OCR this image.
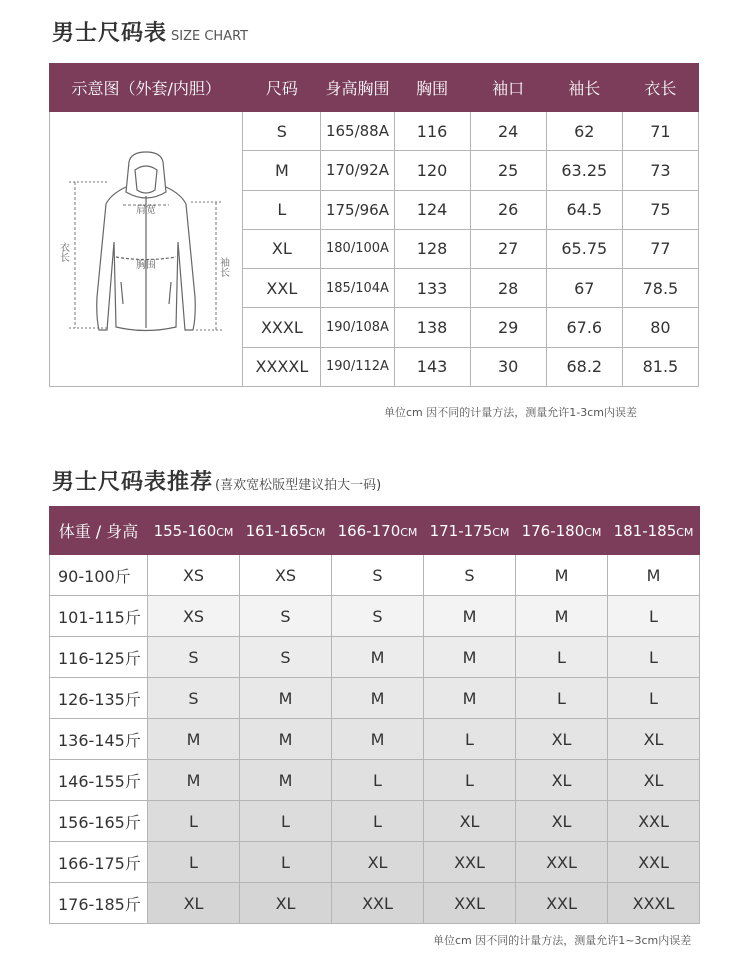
男士尺码表 SIZE CHART
示意图（外套/内胆）	尺码	身高胸围	胸围	袖口	袖长	衣长

肩宽
胸围
衣长
袖长	S	165/88A	116	24	62	71
	M	170/92A	120	25	63.25	73
	L	175/96A	124	26	64.5	75
	XL	180/100A	128	27	65.75	77
	XXL	185/104A	133	28	67	78.5
	XXXL	190/108A	138	29	67.6	80
	XXXXL	190/112A	143	30	68.2	81.5
单位cm 因不同的计量方法，测量允许1-3cm内误差
男士尺码表推荐 (喜欢宽松版型建议拍大一码)
体重 / 身高	155-160CM	161-165CM	166-170CM	171-175CM	176-180CM	181-185CM
90-100斤	XS	XS	S	S	M	M
101-115斤	XS	S	S	M	M	L
116-125斤	S	S	M	M	L	L
126-135斤	S	M	M	M	L	L
136-145斤	M	M	M	L	XL	XL
146-155斤	M	M	L	L	XL	XL
156-165斤	L	L	L	XL	XL	XXL
166-175斤	L	L	XL	XXL	XXL	XXL
176-185斤	XL	XL	XXL	XXL	XXL	XXXL
单位cm 因不同的计量方法，测量允许1~3cm内误差
